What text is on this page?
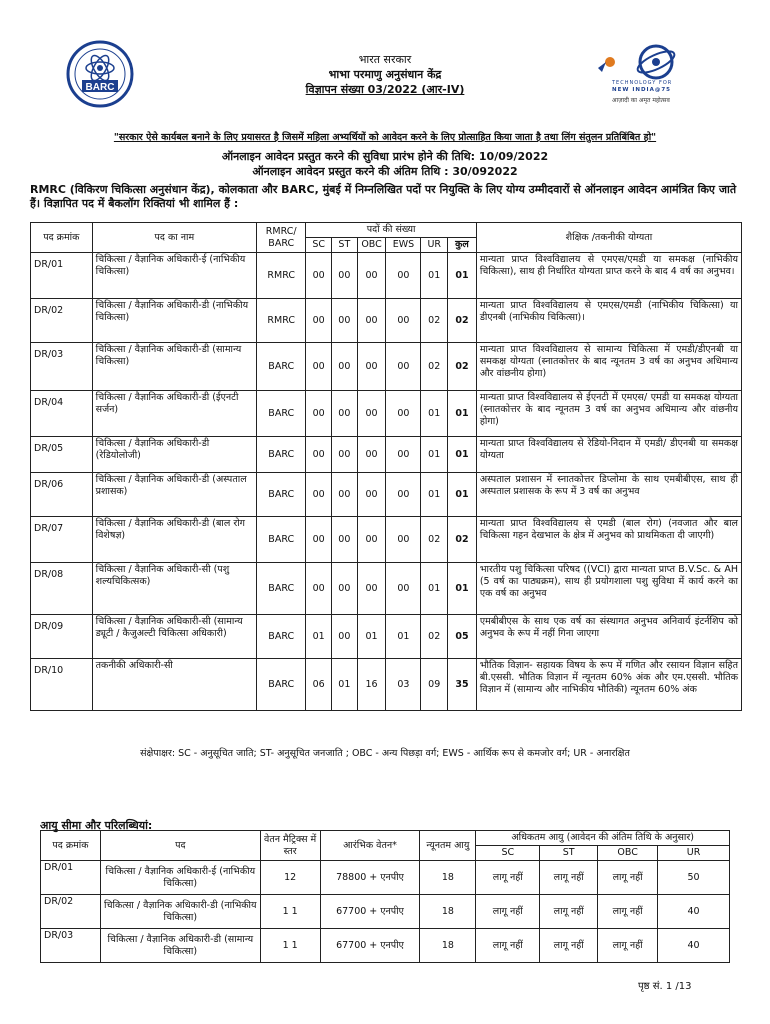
BARC	TECHNOLOGY FOR
NEW INDIA@75
आज़ादी का अमृत महोत्सव
भारत सरकार
भाभा परमाणु अनुसंधान केंद्र
विज्ञापन संख्या 03/2022 (आर-IV)
"सरकार ऐसे कार्यबल बनाने के लिए प्रयासरत है जिसमें महिला अभ्यर्थियों को आवेदन करने के लिए प्रोत्साहित किया जाता है तथा लिंग संतुलन प्रतिबिंबित हो"
ऑनलाइन आवेदन प्रस्तुत करने की सुविधा प्रारंभ होने की तिथि: 10/09/2022
ऑनलाइन आवेदन प्रस्तुत करने की अंतिम तिथि : 30/092022
RMRC (विकिरण चिकित्सा अनुसंधान केंद्र), कोलकाता और BARC, मुंबई में निम्नलिखित पदों पर नियुक्ति के लिए योग्य उम्मीदवारों से ऑनलाइन आवेदन आमंत्रित किए जाते हैं। विज्ञापित पद में बैकलॉग रिक्तियां भी शामिल हैं :
पद क्रमांक	पद का नाम	RMRC/ BARC	पदों की संख्या						शैक्षिक /तकनीकी योग्यता
			SC	ST	OBC	EWS	UR	कुल	
DR/01	चिकित्सा / वैज्ञानिक अधिकारी-ई (नाभिकीय चिकित्सा)	RMRC	00	00	00	00	01	01	मान्यता प्राप्त विश्वविद्यालय से एमएस/एमडी या समकक्ष (नाभिकीय चिकित्सा), साथ ही निर्धारित योग्यता प्राप्त करने के बाद 4 वर्ष का अनुभव।
DR/02	चिकित्सा / वैज्ञानिक अधिकारी-डी (नाभिकीय चिकित्सा)	RMRC	00	00	00	00	02	02	मान्यता प्राप्त विश्वविद्यालय से एमएस/एमडी (नाभिकीय चिकित्सा) या डीएनबी (नाभिकीय चिकित्सा)।
DR/03	चिकित्सा / वैज्ञानिक अधिकारी-डी (सामान्य चिकित्सा)	BARC	00	00	00	00	02	02	मान्यता प्राप्त विश्वविद्यालय से सामान्य चिकित्सा में एमडी/डीएनबी या समकक्ष योग्यता (स्नातकोत्तर के बाद न्यूनतम 3 वर्ष का अनुभव अधिमान्य और वांछनीय होगा)
DR/04	चिकित्सा / वैज्ञानिक अधिकारी-डी (ईएनटी सर्जन)	BARC	00	00	00	00	01	01	मान्यता प्राप्त विश्वविद्यालय से ईएनटी में एमएस/ एमडी या समकक्ष योग्यता (स्नातकोत्तर के बाद न्यूनतम 3 वर्ष का अनुभव अधिमान्य और वांछनीय होगा)
DR/05	चिकित्सा / वैज्ञानिक अधिकारी-डी (रेडियोलोजी)	BARC	00	00	00	00	01	01	मान्यता प्राप्त विश्वविद्यालय से रेडियो-निदान में एमडी/ डीएनबी या समकक्ष योग्यता
DR/06	चिकित्सा / वैज्ञानिक अधिकारी-डी (अस्पताल प्रशासक)	BARC	00	00	00	00	01	01	अस्पताल प्रशासन में स्नातकोत्तर डिप्लोमा के साथ एमबीबीएस, साथ ही अस्पताल प्रशासक के रूप में 3 वर्ष का अनुभव
DR/07	चिकित्सा / वैज्ञानिक अधिकारी-डी (बाल रोग विशेषज्ञ)	BARC	00	00	00	00	02	02	मान्यता प्राप्त विश्वविद्यालय से एमडी (बाल रोग) (नवजात और बाल चिकित्सा गहन देखभाल के क्षेत्र में अनुभव को प्राथमिकता दी जाएगी)
DR/08	चिकित्सा / वैज्ञानिक अधिकारी-सी (पशु शल्यचिकित्सक)	BARC	00	00	00	00	01	01	भारतीय पशु चिकित्सा परिषद ((VCI) द्वारा मान्यता प्राप्त B.V.Sc. & AH (5 वर्ष का पाठ्यक्रम), साथ ही प्रयोगशाला पशु सुविधा में कार्य करने का एक वर्ष का अनुभव
DR/09	चिकित्सा / वैज्ञानिक अधिकारी-सी (सामान्य ड्यूटी / कैजुअल्टी चिकित्सा अधिकारी)	BARC	01	00	01	01	02	05	एमबीबीएस के साथ एक वर्ष का संस्थागत अनुभव अनिवार्य इंटर्नशिप को अनुभव के रूप में नहीं गिना जाएगा
DR/10	तकनीकी अधिकारी-सी	BARC	06	01	16	03	09	35	भौतिक विज्ञान- सहायक विषय के रूप में गणित और रसायन विज्ञान सहित बी.एससी. भौतिक विज्ञान में न्यूनतम 60% अंक और एम.एससी. भौतिक विज्ञान में (सामान्य और नाभिकीय भौतिकी) न्यूनतम 60% अंक
संक्षेपाक्षर: SC - अनुसूचित जाति; ST- अनुसूचित जनजाति ; OBC - अन्य पिछड़ा वर्ग; EWS - आर्थिक रूप से कमजोर वर्ग; UR - अनारक्षित
आयु सीमा और परिलब्धियां:
पद क्रमांक	पद	वेतन मैट्रिक्स में स्तर	आरंभिक वेतन*	न्यूनतम आयु	अधिकतम आयु (आवेदन की अंतिम तिथि के अनुसार)			
					SC	ST	OBC	UR
DR/01	चिकित्सा / वैज्ञानिक अधिकारी-ई (नाभिकीय चिकित्सा)	12	78800 + एनपीए	18	लागू नहीं	लागू नहीं	लागू नहीं	50
DR/02	चिकित्सा / वैज्ञानिक अधिकारी-डी (नाभिकीय चिकित्सा)	1 1	67700 + एनपीए	18	लागू नहीं	लागू नहीं	लागू नहीं	40
DR/03	चिकित्सा / वैज्ञानिक अधिकारी-डी (सामान्य चिकित्सा)	1 1	67700 + एनपीए	18	लागू नहीं	लागू नहीं	लागू नहीं	40
पृष्ठ सं. 1 /13
